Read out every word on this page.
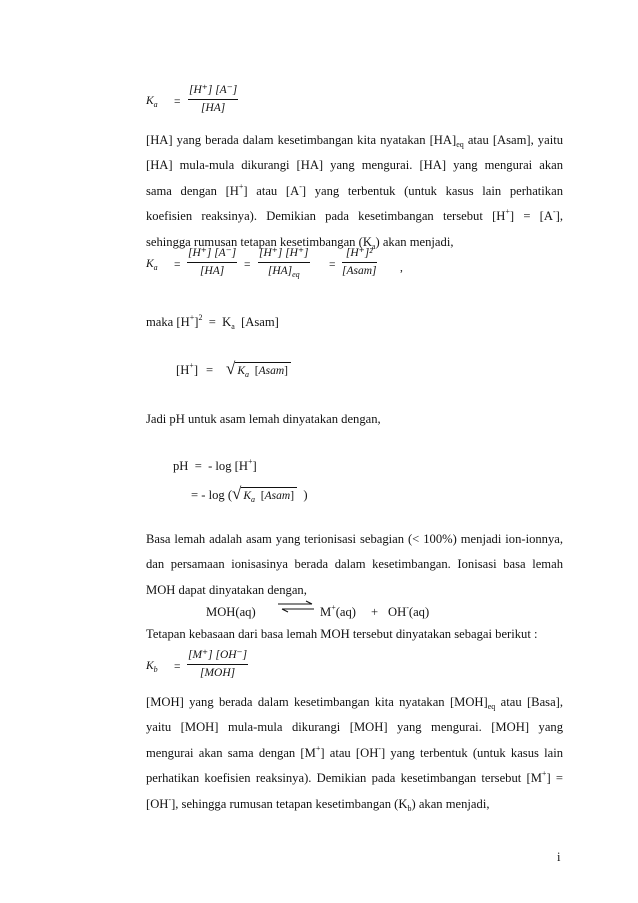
$K_a = \frac{[H^+] [A^-]}{[HA]}$
[HA] yang berada dalam kesetimbangan kita nyatakan $[HA]_{eq}$ atau [Asam], yaitu
[HA] mula-mula dikurangi [HA] yang mengurai. [HA] yang mengurai akan
sama dengan [H+] atau [A-] yang terbentuk (untuk kasus lain perhatikan
koefisien reaksinya). Demikian pada kesetimbangan tersebut [H+] = [A-],
sehingga rumusan tetapan kesetimbangan $(K_a)$ akan menjadi,
$K_a = \frac{[H^+] [A^-]}{[HA]} = \frac{[H^+] [H^+]}{[HA]_{eq}}$ =
[H⁺]²
[Asam] ,
maka $[H^+]^2 = K_a$  [Asam]
[H+] = √ $K_a$  [Asam]
Jadi pH untuk asam lemah dinyatakan dengan,
pH  =  - log [H+]
= - log (√ $K_a$  [Asam] )
Basa lemah adalah asam yang terionisasi sebagian (< 100%) menjadi ion-ionnya,
dan persamaan ionisasinya berada dalam kesetimbangan. Ionisasi basa lemah
MOH dapat dinyatakan dengan,
MOH(aq) ⇌ M+(aq) + OH-(aq)
Tetapan kebasaan dari basa lemah MOH tersebut dinyatakan sebagai berikut :
$K_b$ =
[M⁺] [OH⁻]
[MOH]
[MOH] yang berada dalam kesetimbangan kita nyatakan $[MOH]_{eq}$ atau [Basa],
yaitu [MOH] mula-mula dikurangi [MOH] yang mengurai. [MOH] yang
mengurai akan sama dengan [M+] atau [OH-] yang terbentuk (untuk kasus lain
perhatikan koefisien reaksinya). Demikian pada kesetimbangan tersebut [M+] =
[OH-], sehingga rumusan tetapan kesetimbangan $(K_b)$ akan menjadi,
i
